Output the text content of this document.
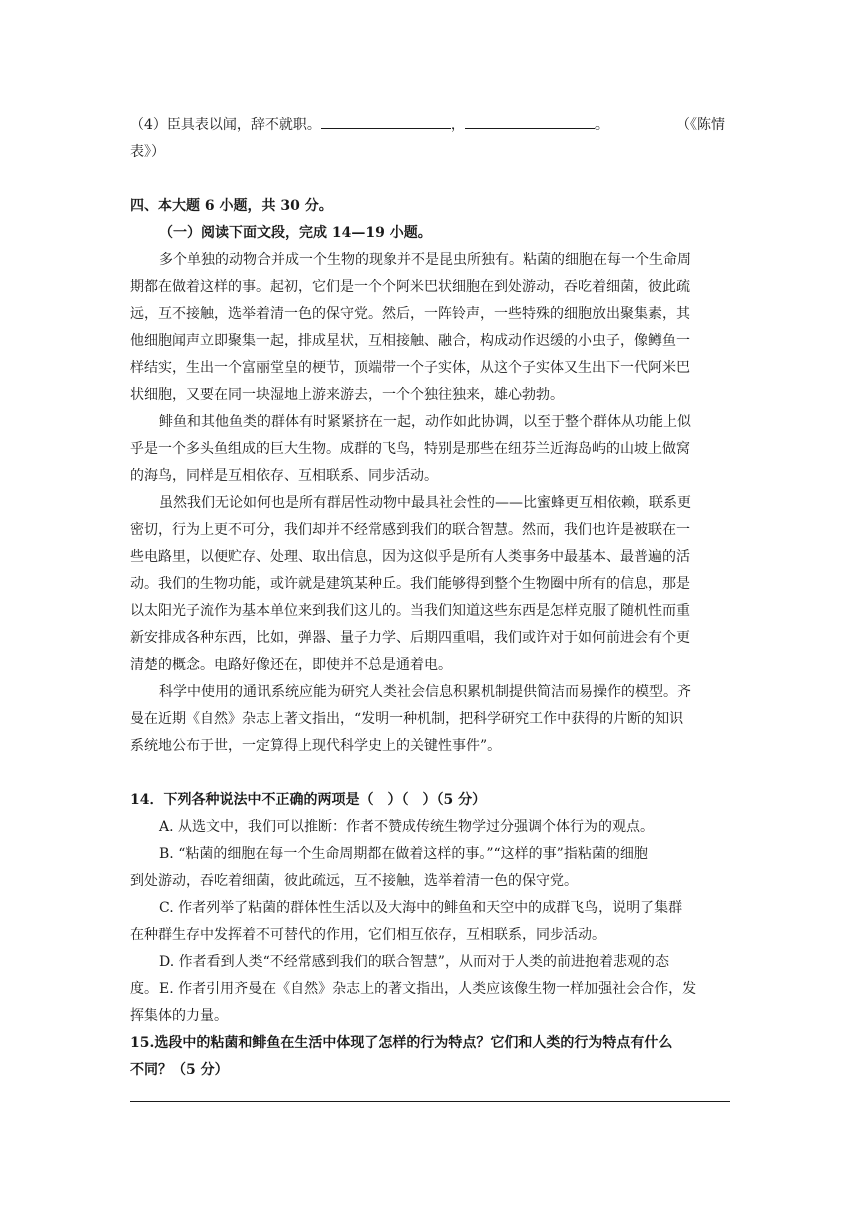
（4）臣具表以闻，辞不就职。	，	。	（《陈情
表》）
四、本大题 6 小题，共 30 分。
（一）阅读下面文段，完成 14—19 小题。
多个单独的动物合并成一个生物的现象并不是昆虫所独有。粘菌的细胞在每一个生命周
期都在做着这样的事。起初，它们是一个个阿米巴状细胞在到处游动，吞吃着细菌，彼此疏
远，互不接触，选举着清一色的保守党。然后，一阵铃声，一些特殊的细胞放出聚集素，其
他细胞闻声立即聚集一起，排成星状，互相接触、融合，构成动作迟缓的小虫子，像鳟鱼一
样结实，生出一个富丽堂皇的梗节，顶端带一个子实体，从这个子实体又生出下一代阿米巴
状细胞，又要在同一块湿地上游来游去，一个个独往独来，雄心勃勃。
鲱鱼和其他鱼类的群体有时紧紧挤在一起，动作如此协调，以至于整个群体从功能上似
乎是一个多头鱼组成的巨大生物。成群的飞鸟，特别是那些在纽芬兰近海岛屿的山坡上做窝
的海鸟，同样是互相依存、互相联系、同步活动。
虽然我们无论如何也是所有群居性动物中最具社会性的——比蜜蜂更互相依赖，联系更
密切，行为上更不可分，我们却并不经常感到我们的联合智慧。然而，我们也许是被联在一
些电路里，以便贮存、处理、取出信息，因为这似乎是所有人类事务中最基本、最普遍的活
动。我们的生物功能，或许就是建筑某种丘。我们能够得到整个生物圈中所有的信息，那是
以太阳光子流作为基本单位来到我们这儿的。当我们知道这些东西是怎样克服了随机性而重
新安排成各种东西，比如，弹器、量子力学、后期四重唱，我们或许对于如何前进会有个更
清楚的概念。电路好像还在，即使并不总是通着电。
科学中使用的通讯系统应能为研究人类社会信息积累机制提供简洁而易操作的模型。齐
曼在近期《自然》杂志上著文指出，“发明一种机制，把科学研究工作中获得的片断的知识
系统地公布于世，一定算得上现代科学史上的关键性事件”。
14．下列各种说法中不正确的两项是（　）（　）（5 分）
A. 从选文中，我们可以推断：作者不赞成传统生物学过分强调个体行为的观点。
B. “粘菌的细胞在每一个生命周期都在做着这样的事。”“这样的事”指粘菌的细胞
到处游动，吞吃着细菌，彼此疏远，互不接触，选举着清一色的保守党。
C. 作者列举了粘菌的群体性生活以及大海中的鲱鱼和天空中的成群飞鸟，说明了集群
在种群生存中发挥着不可替代的作用，它们相互依存，互相联系，同步活动。
D. 作者看到人类“不经常感到我们的联合智慧”，从而对于人类的前进抱着悲观的态
度。 E. 作者引用齐曼在《自然》杂志上的著文指出，人类应该像生物一样加强社会合作，发
挥集体的力量。
15.选段中的粘菌和鲱鱼在生活中体现了怎样的行为特点？它们和人类的行为特点有什么
不同？（5 分）
